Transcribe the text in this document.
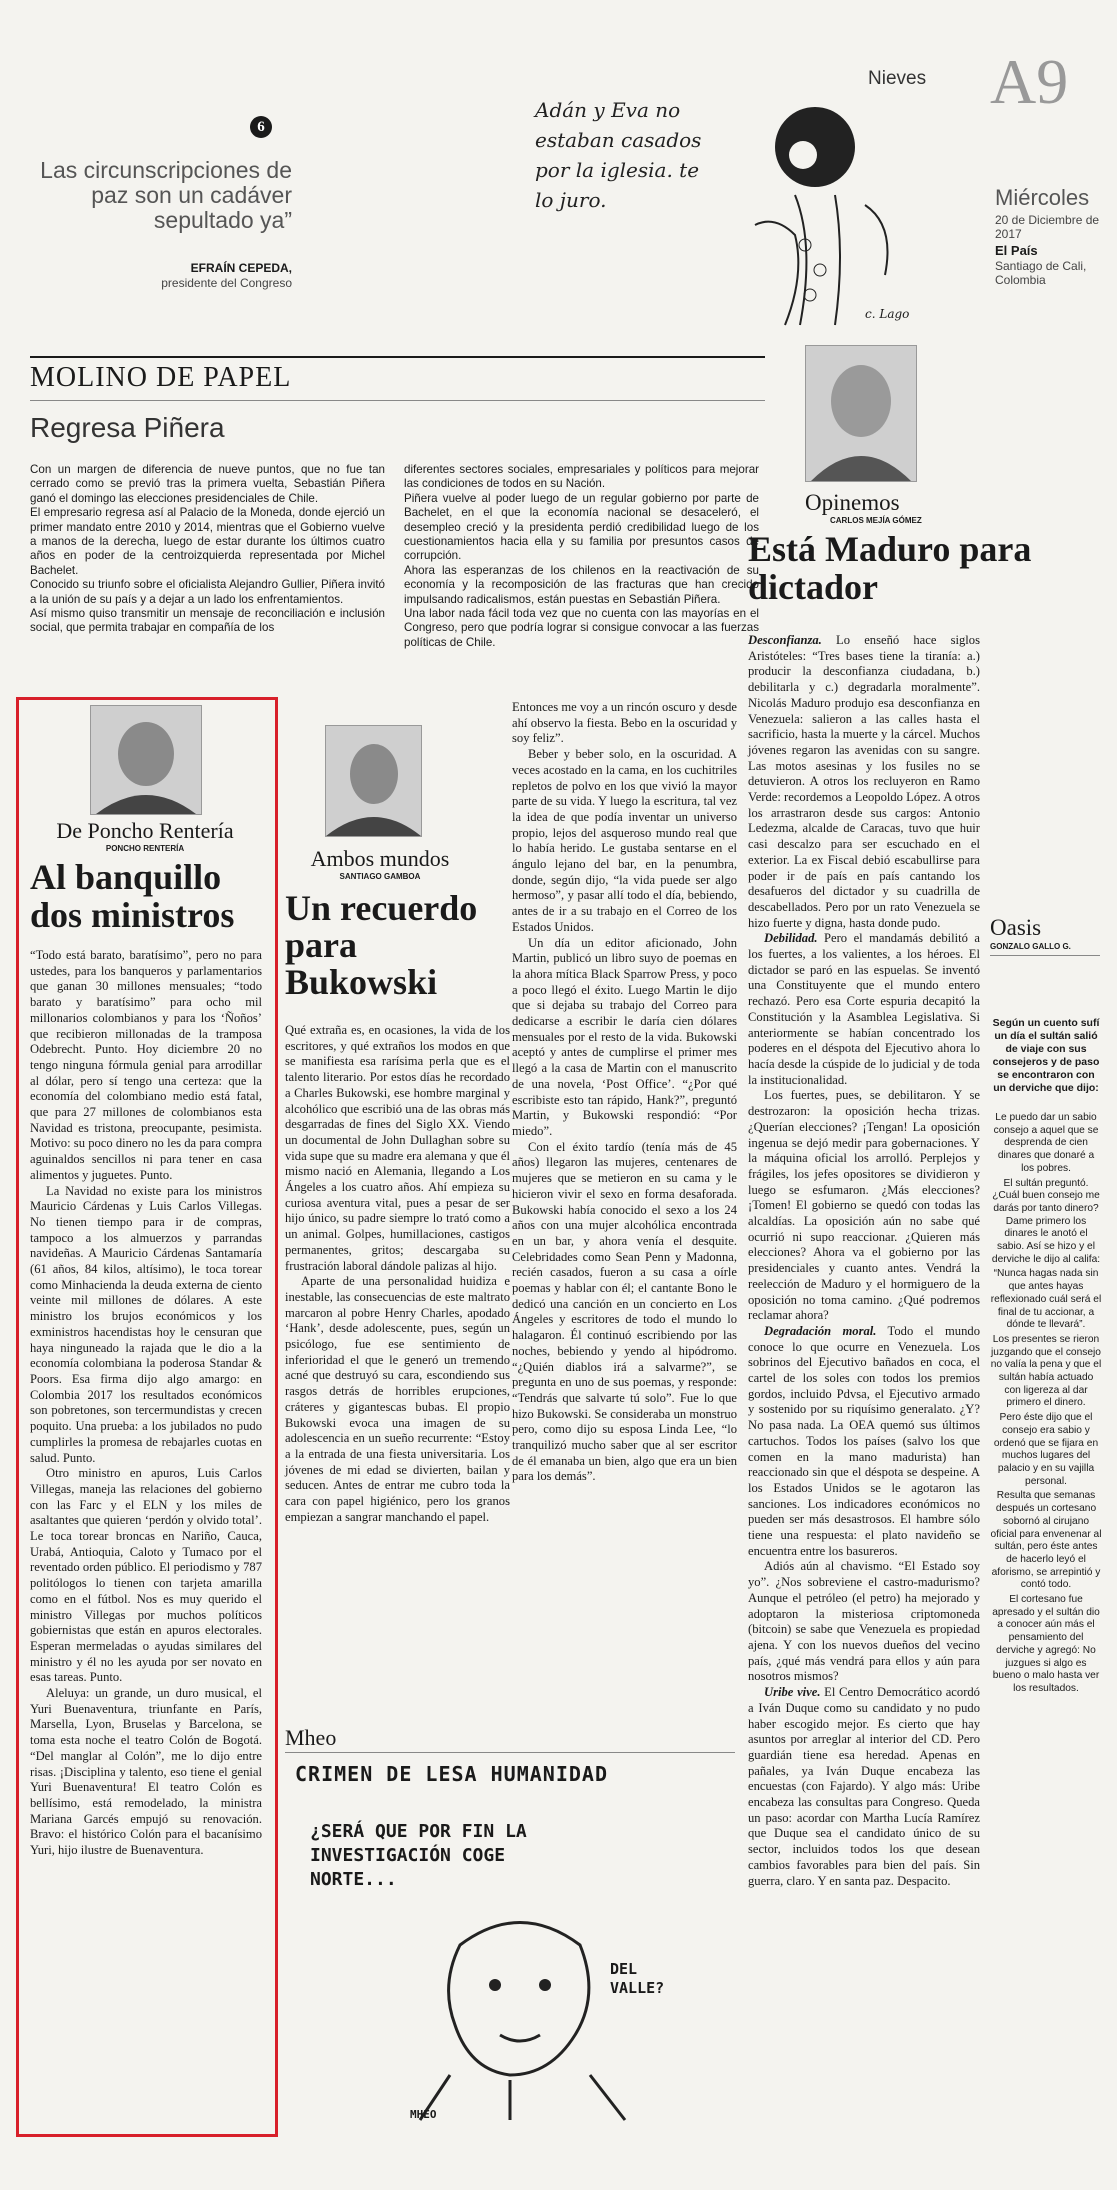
6
Las circunscripciones de paz son un cadáver sepultado ya”
EFRAÍN CEPEDA,
presidente del Congreso
Adán y Eva no estaban casados por la iglesia. te lo juro.
c. Lago
Nieves A9
Miércoles
20 de Diciembre de 2017
El País
Santiago de Cali, Colombia
MOLINO DE PAPEL
Regresa Piñera

Con un margen de diferencia de nueve puntos, que no fue tan cerrado como se previó tras la primera vuelta, Sebastián Piñera ganó el domingo las elecciones presidenciales de Chile.

El empresario regresa así al Palacio de la Moneda, donde ejerció un primer mandato entre 2010 y 2014, mientras que el Gobierno vuelve a manos de la derecha, luego de estar durante los últimos cuatro años en poder de la centroizquierda representada por Michel Bachelet.

Conocido su triunfo sobre el oficialista Alejandro Gullier, Piñera invitó a la unión de su país y a dejar a un lado los enfrentamientos.

Así mismo quiso transmitir un mensaje de reconciliación e inclusión social, que permita trabajar en compañía de los

diferentes sectores sociales, empresariales y políticos para mejorar las condiciones de todos en su Nación.

Piñera vuelve al poder luego de un regular gobierno por parte de Bachelet, en el que la economía nacional se desaceleró, el desempleo creció y la presidenta perdió credibilidad luego de los cuestionamientos hacia ella y su familia por presuntos casos de corrupción.

Ahora las esperanzas de los chilenos en la reactivación de su economía y la recomposición de las fracturas que han crecido impulsando radicalismos, están puestas en Sebastián Piñera.

Una labor nada fácil toda vez que no cuenta con las mayorías en el Congreso, pero que podría lograr si consigue convocar a las fuerzas políticas de Chile.

Opinemos
CARLOS MEJÍA GÓMEZ
Está Maduro para dictador

Desconfianza. Lo enseñó hace siglos Aristóteles: “Tres bases tiene la tiranía: a.) producir la desconfianza ciudadana, b.) debilitarla y c.) degradarla moralmente”. Nicolás Maduro produjo esa desconfianza en Venezuela: salieron a las calles hasta el sacrificio, hasta la muerte y la cárcel. Muchos jóvenes regaron las avenidas con su sangre. Las motos asesinas y los fusiles no se detuvieron. A otros los recluyeron en Ramo Verde: recordemos a Leopoldo López. A otros los arrastraron desde sus cargos: Antonio Ledezma, alcalde de Caracas, tuvo que huir casi descalzo para ser escuchado en el exterior. La ex Fiscal debió escabullirse para poder ir de país en país cantando los desafueros del dictador y su cuadrilla de descabellados. Pero por un rato Venezuela se hizo fuerte y digna, hasta donde pudo.

Debilidad. Pero el mandamás debilitó a los fuertes, a los valientes, a los héroes. El dictador se paró en las espuelas. Se inventó una Constituyente que el mundo entero rechazó. Pero esa Corte espuria decapitó la Constitución y la Asamblea Legislativa. Si anteriormente se habían concentrado los poderes en el déspota del Ejecutivo ahora lo hacía desde la cúspide de lo judicial y de toda la institucionalidad.

Los fuertes, pues, se debilitaron. Y se destrozaron: la oposición hecha trizas. ¿Querían elecciones? ¡Tengan! La oposición ingenua se dejó medir para gobernaciones. Y la máquina oficial los arrolló. Perplejos y frágiles, los jefes opositores se dividieron y luego se esfumaron. ¿Más elecciones? ¡Tomen! El gobierno se quedó con todas las alcaldías. La oposición aún no sabe qué ocurrió ni supo reaccionar. ¿Quieren más elecciones? Ahora va el gobierno por las presidenciales y cuanto antes. Vendrá la reelección de Maduro y el hormiguero de la oposición no toma camino. ¿Qué podremos reclamar ahora?

Degradación moral. Todo el mundo conoce lo que ocurre en Venezuela. Los sobrinos del Ejecutivo bañados en coca, el cartel de los soles con todos los premios gordos, incluido Pdvsa, el Ejecutivo armado y sostenido por su riquísimo generalato. ¿Y? No pasa nada. La OEA quemó sus últimos cartuchos. Todos los países (salvo los que comen en la mano madurista) han reaccionado sin que el déspota se despeine. A los Estados Unidos se le agotaron las sanciones. Los indicadores económicos no pueden ser más desastrosos. El hambre sólo tiene una respuesta: el plato navideño se encuentra entre los basureros.

Adiós aún al chavismo. “El Estado soy yo”. ¿Nos sobreviene el castro-madurismo? Aunque el petróleo (el petro) ha mejorado y adoptaron la misteriosa criptomoneda (bitcoin) se sabe que Venezuela es propiedad ajena. Y con los nuevos dueños del vecino país, ¿qué más vendrá para ellos y aún para nosotros mismos?

Uribe vive. El Centro Democrático acordó a Iván Duque como su candidato y no pudo haber escogido mejor. Es cierto que hay asuntos por arreglar al interior del CD. Pero guardián tiene esa heredad. Apenas en pañales, ya Iván Duque encabeza las encuestas (con Fajardo). Y algo más: Uribe encabeza las consultas para Congreso. Queda un paso: acordar con Martha Lucía Ramírez que Duque sea el candidato único de su sector, incluidos todos los que desean cambios favorables para bien del país. Sin guerra, claro. Y en santa paz. Despacito.

Oasis
GONZALO GALLO G.
Según un cuento sufí un día el sultán salió de viaje con sus consejeros y de paso se encontraron con un derviche que dijo:

Le puedo dar un sabio consejo a aquel que se desprenda de cien dinares que donaré a los pobres.

El sultán preguntó. ¿Cuál buen consejo me darás por tanto dinero? Dame primero los dinares le anotó el sabio. Así se hizo y el derviche le dijo al califa:

“Nunca hagas nada sin que antes hayas reflexionado cuál será el final de tu accionar, a dónde te llevará”.

Los presentes se rieron juzgando que el consejo no valía la pena y que el sultán había actuado con ligereza al dar primero el dinero.

Pero éste dijo que el consejo era sabio y ordenó que se fijara en muchos lugares del palacio y en su vajilla personal.

Resulta que semanas después un cortesano sobornó al cirujano oficial para envenenar al sultán, pero éste antes de hacerlo leyó el aforismo, se arrepintió y contó todo.

El cortesano fue apresado y el sultán dio a conocer aún más el pensamiento del derviche y agregó: No juzgues si algo es bueno o malo hasta ver los resultados.

De Poncho Rentería
PONCHO RENTERÍA
Al banquillo dos ministros

“Todo está barato, baratísimo”, pero no para ustedes, para los banqueros y parlamentarios que ganan 30 millones mensuales; “todo barato y baratísimo” para ocho mil millonarios colombianos y para los ‘Ñoños’ que recibieron millonadas de la tramposa Odebrecht. Punto. Hoy diciembre 20 no tengo ninguna fórmula genial para arrodillar al dólar, pero sí tengo una certeza: que la economía del colombiano medio está fatal, que para 27 millones de colombianos esta Navidad es tristona, preocupante, pesimista. Motivo: su poco dinero no les da para compra aguinaldos sencillos ni para tener en casa alimentos y juguetes. Punto.

La Navidad no existe para los ministros Mauricio Cárdenas y Luis Carlos Villegas. No tienen tiempo para ir de compras, tampoco a los almuerzos y parrandas navideñas. A Mauricio Cárdenas Santamaría (61 años, 84 kilos, altísimo), le toca torear como Minhacienda la deuda externa de ciento veinte mil millones de dólares. A este ministro los brujos económicos y los exministros hacendistas hoy le censuran que haya ninguneado la rajada que le dio a la economía colombiana la poderosa Standar & Poors. Esa firma dijo algo amargo: en Colombia 2017 los resultados económicos son pobretones, son tercermundistas y crecen poquito. Una prueba: a los jubilados no pudo cumplirles la promesa de rebajarles cuotas en salud. Punto.

Otro ministro en apuros, Luis Carlos Villegas, maneja las relaciones del gobierno con las Farc y el ELN y los miles de asaltantes que quieren ‘perdón y olvido total’. Le toca torear broncas en Nariño, Cauca, Urabá, Antioquia, Caloto y Tumaco por el reventado orden público. El periodismo y 787 politólogos lo tienen con tarjeta amarilla como en el fútbol. Nos es muy querido el ministro Villegas por muchos políticos gobiernistas que están en apuros electorales. Esperan mermeladas o ayudas similares del ministro y él no les ayuda por ser novato en esas tareas. Punto.

Aleluya: un grande, un duro musical, el Yuri Buenaventura, triunfante en París, Marsella, Lyon, Bruselas y Barcelona, se toma esta noche el teatro Colón de Bogotá. “Del manglar al Colón”, me lo dijo entre risas. ¡Disciplina y talento, eso tiene el genial Yuri Buenaventura! El teatro Colón es bellísimo, está remodelado, la ministra Mariana Garcés empujó su renovación. Bravo: el histórico Colón para el bacanísimo Yuri, hijo ilustre de Buenaventura.

Ambos mundos
SANTIAGO GAMBOA
Un recuerdo para Bukowski

Qué extraña es, en ocasiones, la vida de los escritores, y qué extraños los modos en que se manifiesta esa rarísima perla que es el talento literario. Por estos días he recordado a Charles Bukowski, ese hombre marginal y alcohólico que escribió una de las obras más desgarradas de fines del Siglo XX. Viendo un documental de John Dullaghan sobre su vida supe que su madre era alemana y que él mismo nació en Alemania, llegando a Los Ángeles a los cuatro años. Ahí empieza su curiosa aventura vital, pues a pesar de ser hijo único, su padre siempre lo trató como a un animal. Golpes, humillaciones, castigos permanentes, gritos; descargaba su frustración laboral dándole palizas al hijo.

Aparte de una personalidad huidiza e inestable, las consecuencias de este maltrato marcaron al pobre Henry Charles, apodado ‘Hank’, desde adolescente, pues, según un psicólogo, fue ese sentimiento de inferioridad el que le generó un tremendo acné que destruyó su cara, escondiendo sus rasgos detrás de horribles erupciones, cráteres y gigantescas bubas. El propio Bukowski evoca una imagen de su adolescencia en un sueño recurrente: “Estoy a la entrada de una fiesta universitaria. Los jóvenes de mi edad se divierten, bailan y seducen. Antes de entrar me cubro toda la cara con papel higiénico, pero los granos empiezan a sangrar manchando el papel.

Entonces me voy a un rincón oscuro y desde ahí observo la fiesta. Bebo en la oscuridad y soy feliz”.

Beber y beber solo, en la oscuridad. A veces acostado en la cama, en los cuchitriles repletos de polvo en los que vivió la mayor parte de su vida. Y luego la escritura, tal vez la idea de que podía inventar un universo propio, lejos del asqueroso mundo real que lo había herido. Le gustaba sentarse en el ángulo lejano del bar, en la penumbra, donde, según dijo, “la vida puede ser algo hermoso”, y pasar allí todo el día, bebiendo, antes de ir a su trabajo en el Correo de los Estados Unidos.

Un día un editor aficionado, John Martin, publicó un libro suyo de poemas en la ahora mítica Black Sparrow Press, y poco a poco llegó el éxito. Luego Martin le dijo que si dejaba su trabajo del Correo para dedicarse a escribir le daría cien dólares mensuales por el resto de la vida. Bukowski aceptó y antes de cumplirse el primer mes llegó a la casa de Martin con el manuscrito de una novela, ‘Post Office’. “¿Por qué escribiste esto tan rápido, Hank?”, preguntó Martin, y Bukowski respondió: “Por miedo”.

Con el éxito tardío (tenía más de 45 años) llegaron las mujeres, centenares de mujeres que se metieron en su cama y le hicieron vivir el sexo en forma desaforada. Bukowski había conocido el sexo a los 24 años con una mujer alcohólica encontrada en un bar, y ahora venía el desquite. Celebridades como Sean Penn y Madonna, recién casados, fueron a su casa a oírle poemas y hablar con él; el cantante Bono le dedicó una canción en un concierto en Los Ángeles y escritores de todo el mundo lo halagaron. Él continuó escribiendo por las noches, bebiendo y yendo al hipódromo. “¿Quién diablos irá a salvarme?”, se pregunta en uno de sus poemas, y responde: “Tendrás que salvarte tú solo”. Fue lo que hizo Bukowski. Se consideraba un monstruo pero, como dijo su esposa Linda Lee, “lo tranquilizó mucho saber que al ser escritor de él emanaba un bien, algo que era un bien para los demás”.

Mheo
CRIMEN DE LESA HUMANIDAD
¿SERÁ QUE POR FIN LA INVESTIGACIÓN COGE NORTE...
DEL VALLE?
MHEO
